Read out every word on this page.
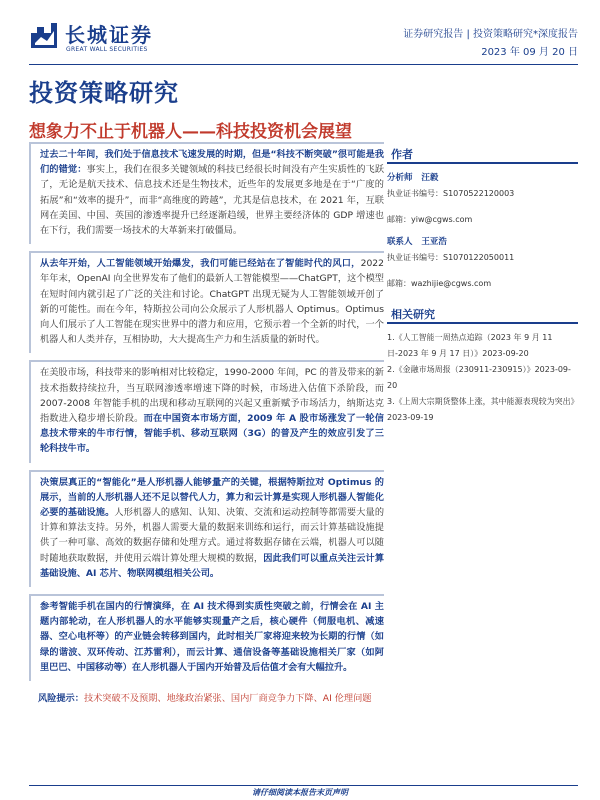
长城证券
GREAT WALL SECURITIES
证券研究报告 | 投资策略研究*深度报告
2023 年 09 月 20 日
投资策略研究
想象力不止于机器人——科技投资机会展望

过去二十年间，我们处于信息技术飞速发展的时期，但是“科技不断突破”很可能是我们的错觉：事实上，我们在很多关键领域的科技已经很长时间没有产生实质性的飞跃了，无论是航天技术、信息技术还是生物技术，近些年的发展更多地是在于“广度的拓展”和“效率的提升”，而非“高维度的跨越”，尤其是信息技术，在 2021 年，互联网在美国、中国、英国的渗透率提升已经逐渐趋缓，世界主要经济体的 GDP 增速也在下行，我们需要一场技术的大革新来打破僵局。

从去年开始，人工智能领域开始爆发，我们可能已经站在了智能时代的风口，2022 年年末，OpenAI 向全世界发布了他们的最新人工智能模型——ChatGPT，这个模型在短时间内就引起了广泛的关注和讨论。ChatGPT 出现无疑为人工智能领域开创了新的可能性。而在今年，特斯拉公司向公众展示了人形机器人 Optimus。Optimus 向人们展示了人工智能在现实世界中的潜力和应用，它预示着一个全新的时代，一个机器人和人类并存，互相协助，大大提高生产力和生活质量的新时代。

在美股市场，科技带来的影响相对比较稳定，1990-2000 年间，PC 的普及带来的新技术指数持续拉升，当互联网渗透率增速下降的时候，市场进入估值下杀阶段，而 2007-2008 年智能手机的出现和移动互联网的兴起又重新赋予市场活力，纳斯达克指数进入稳步增长阶段。而在中国资本市场方面，2009 年 A 股市场涨发了一轮信息技术带来的牛市行情，智能手机、移动互联网（3G）的普及产生的效应引发了三轮科技牛市。

决策层真正的“智能化”是人形机器人能够量产的关键，根据特斯拉对 Optimus 的展示，当前的人形机器人还不足以替代人力，算力和云计算是实现人形机器人智能化必要的基础设施。人形机器人的感知、认知、决策、交流和运动控制等都需要大量的计算和算法支持。另外，机器人需要大量的数据来训练和运行，而云计算基础设施提供了一种可靠、高效的数据存储和处理方式。通过将数据存储在云端，机器人可以随时随地获取数据，并使用云端计算处理大规模的数据，因此我们可以重点关注云计算基础设施、AI 芯片、物联网模组相关公司。

参考智能手机在国内的行情演绎，在 AI 技术得到实质性突破之前，行情会在 AI 主题内部轮动，在人形机器人的水平能够实现量产之后，核心硬件（伺服电机、减速器、空心电杯等）的产业链会转移到国内，此时相关厂家将迎来较为长期的行情（如绿的谐波、双环传动、江苏雷利），而云计算、通信设备等基础设施相关厂家（如阿里巴巴、中国移动等）在人形机器人于国内开始普及后估值才会有大幅拉升。

风险提示：技术突破不及预期、地缘政治紧张、国内厂商竞争力下降、AI 伦理问题

作者
分析师 汪毅
执业证书编号：S1070522120003
邮箱：yiw@cgws.com
联系人 王亚浩
执业证书编号：S1070122050011
邮箱：wazhijie@cgws.com
相关研究
1.《人工智能一周热点追踪（2023 年 9 月 11 日-2023 年 9 月 17 日）》2023-09-20
2.《金融市场周报（230911-230915）》2023-09-20
3.《上周大宗期货整体上涨，其中能源表现较为突出》2023-09-19
请仔细阅读本报告末页声明
